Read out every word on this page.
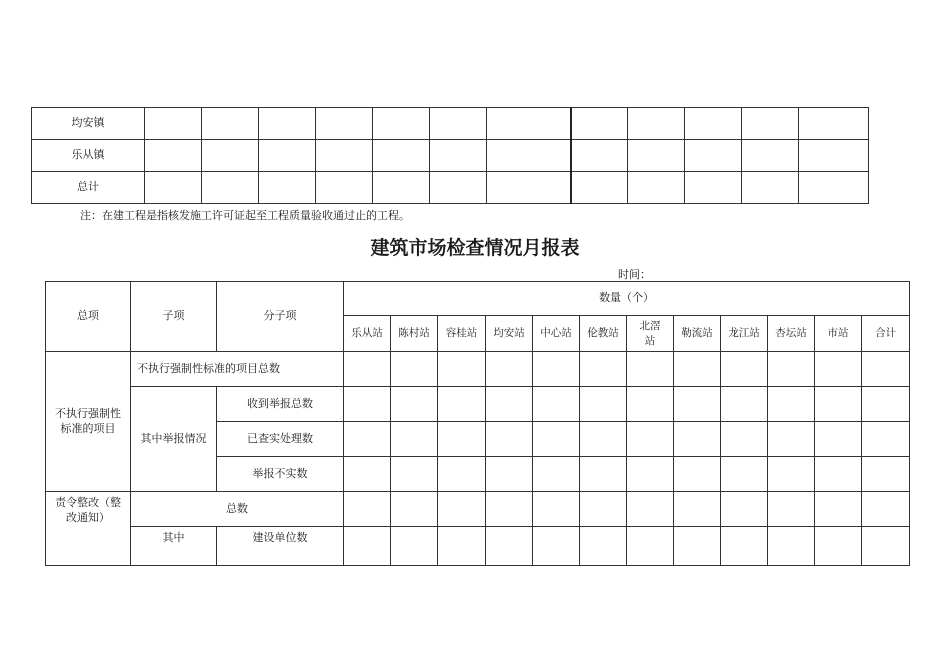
均安镇												
乐从镇												
总计												
注：在建工程是指核发施工许可证起至工程质量验收通过止的工程。
建筑市场检查情况月报表
时间：
总项	子项	分子项	数量（个）											
			乐从站	陈村站	容桂站	均安站	中心站	伦教站	北滘站	勒流站	龙江站	杏坛站	市站	合计
不执行强制性标准的项目	不执行强制性标准的项目总数													
	其中举报情况	收到举报总数												
		已查实处理数												
		举报不实数												
责令整改（整改通知）	总数													
	其中	建设单位数												
